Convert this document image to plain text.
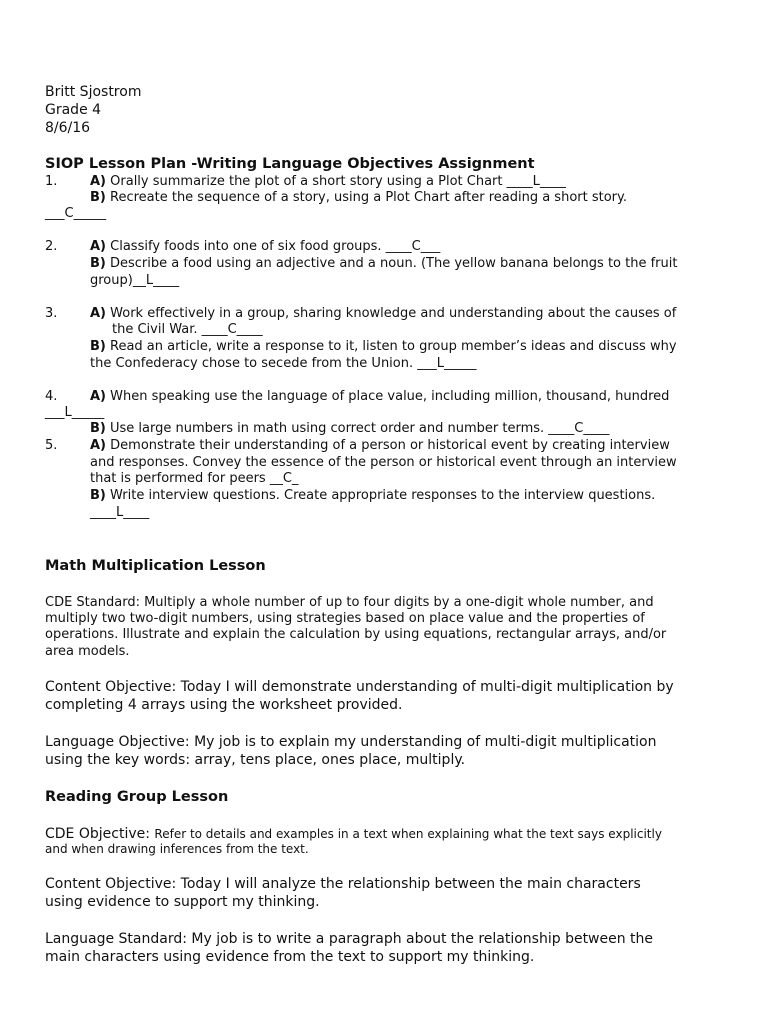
Britt Sjostrom
Grade 4
8/6/16
SIOP Lesson Plan -Writing Language Objectives Assignment
1.	A) Orally summarize the plot of a short story using a Plot Chart ____L____
B) Recreate the sequence of a story, using a Plot Chart after reading a short story.
___C_____
2.	A) Classify foods into one of six food groups. ____C___
B) Describe a food using an adjective and a noun. (The yellow banana belongs to the fruit
group)__L____
3.	A) Work effectively in a group, sharing knowledge and understanding about the causes of
the Civil War. ____C____
B) Read an article, write a response to it, listen to group member’s ideas and discuss why
the Confederacy chose to secede from the Union. ___L_____
4.	A) When speaking use the language of place value, including million, thousand, hundred
___L_____
B) Use large numbers in math using correct order and number terms. ____C____
5.	A) Demonstrate their understanding of a person or historical event by creating interview
and responses. Convey the essence of the person or historical event through an interview
that is performed for peers __C_
B) Write interview questions. Create appropriate responses to the interview questions.
____L____
Math Multiplication Lesson
CDE Standard: Multiply a whole number of up to four digits by a one-digit whole number, and
multiply two two-digit numbers, using strategies based on place value and the properties of
operations. Illustrate and explain the calculation by using equations, rectangular arrays, and/or
area models.
Content Objective: Today I will demonstrate understanding of multi-digit multiplication by
completing 4 arrays using the worksheet provided.
Language Objective: My job is to explain my understanding of multi-digit multiplication
using the key words: array, tens place, ones place, multiply.
Reading Group Lesson
CDE Objective: Refer to details and examples in a text when explaining what the text says explicitly
and when drawing inferences from the text.
Content Objective: Today I will analyze the relationship between the main characters
using evidence to support my thinking.
Language Standard: My job is to write a paragraph about the relationship between the
main characters using evidence from the text to support my thinking.
